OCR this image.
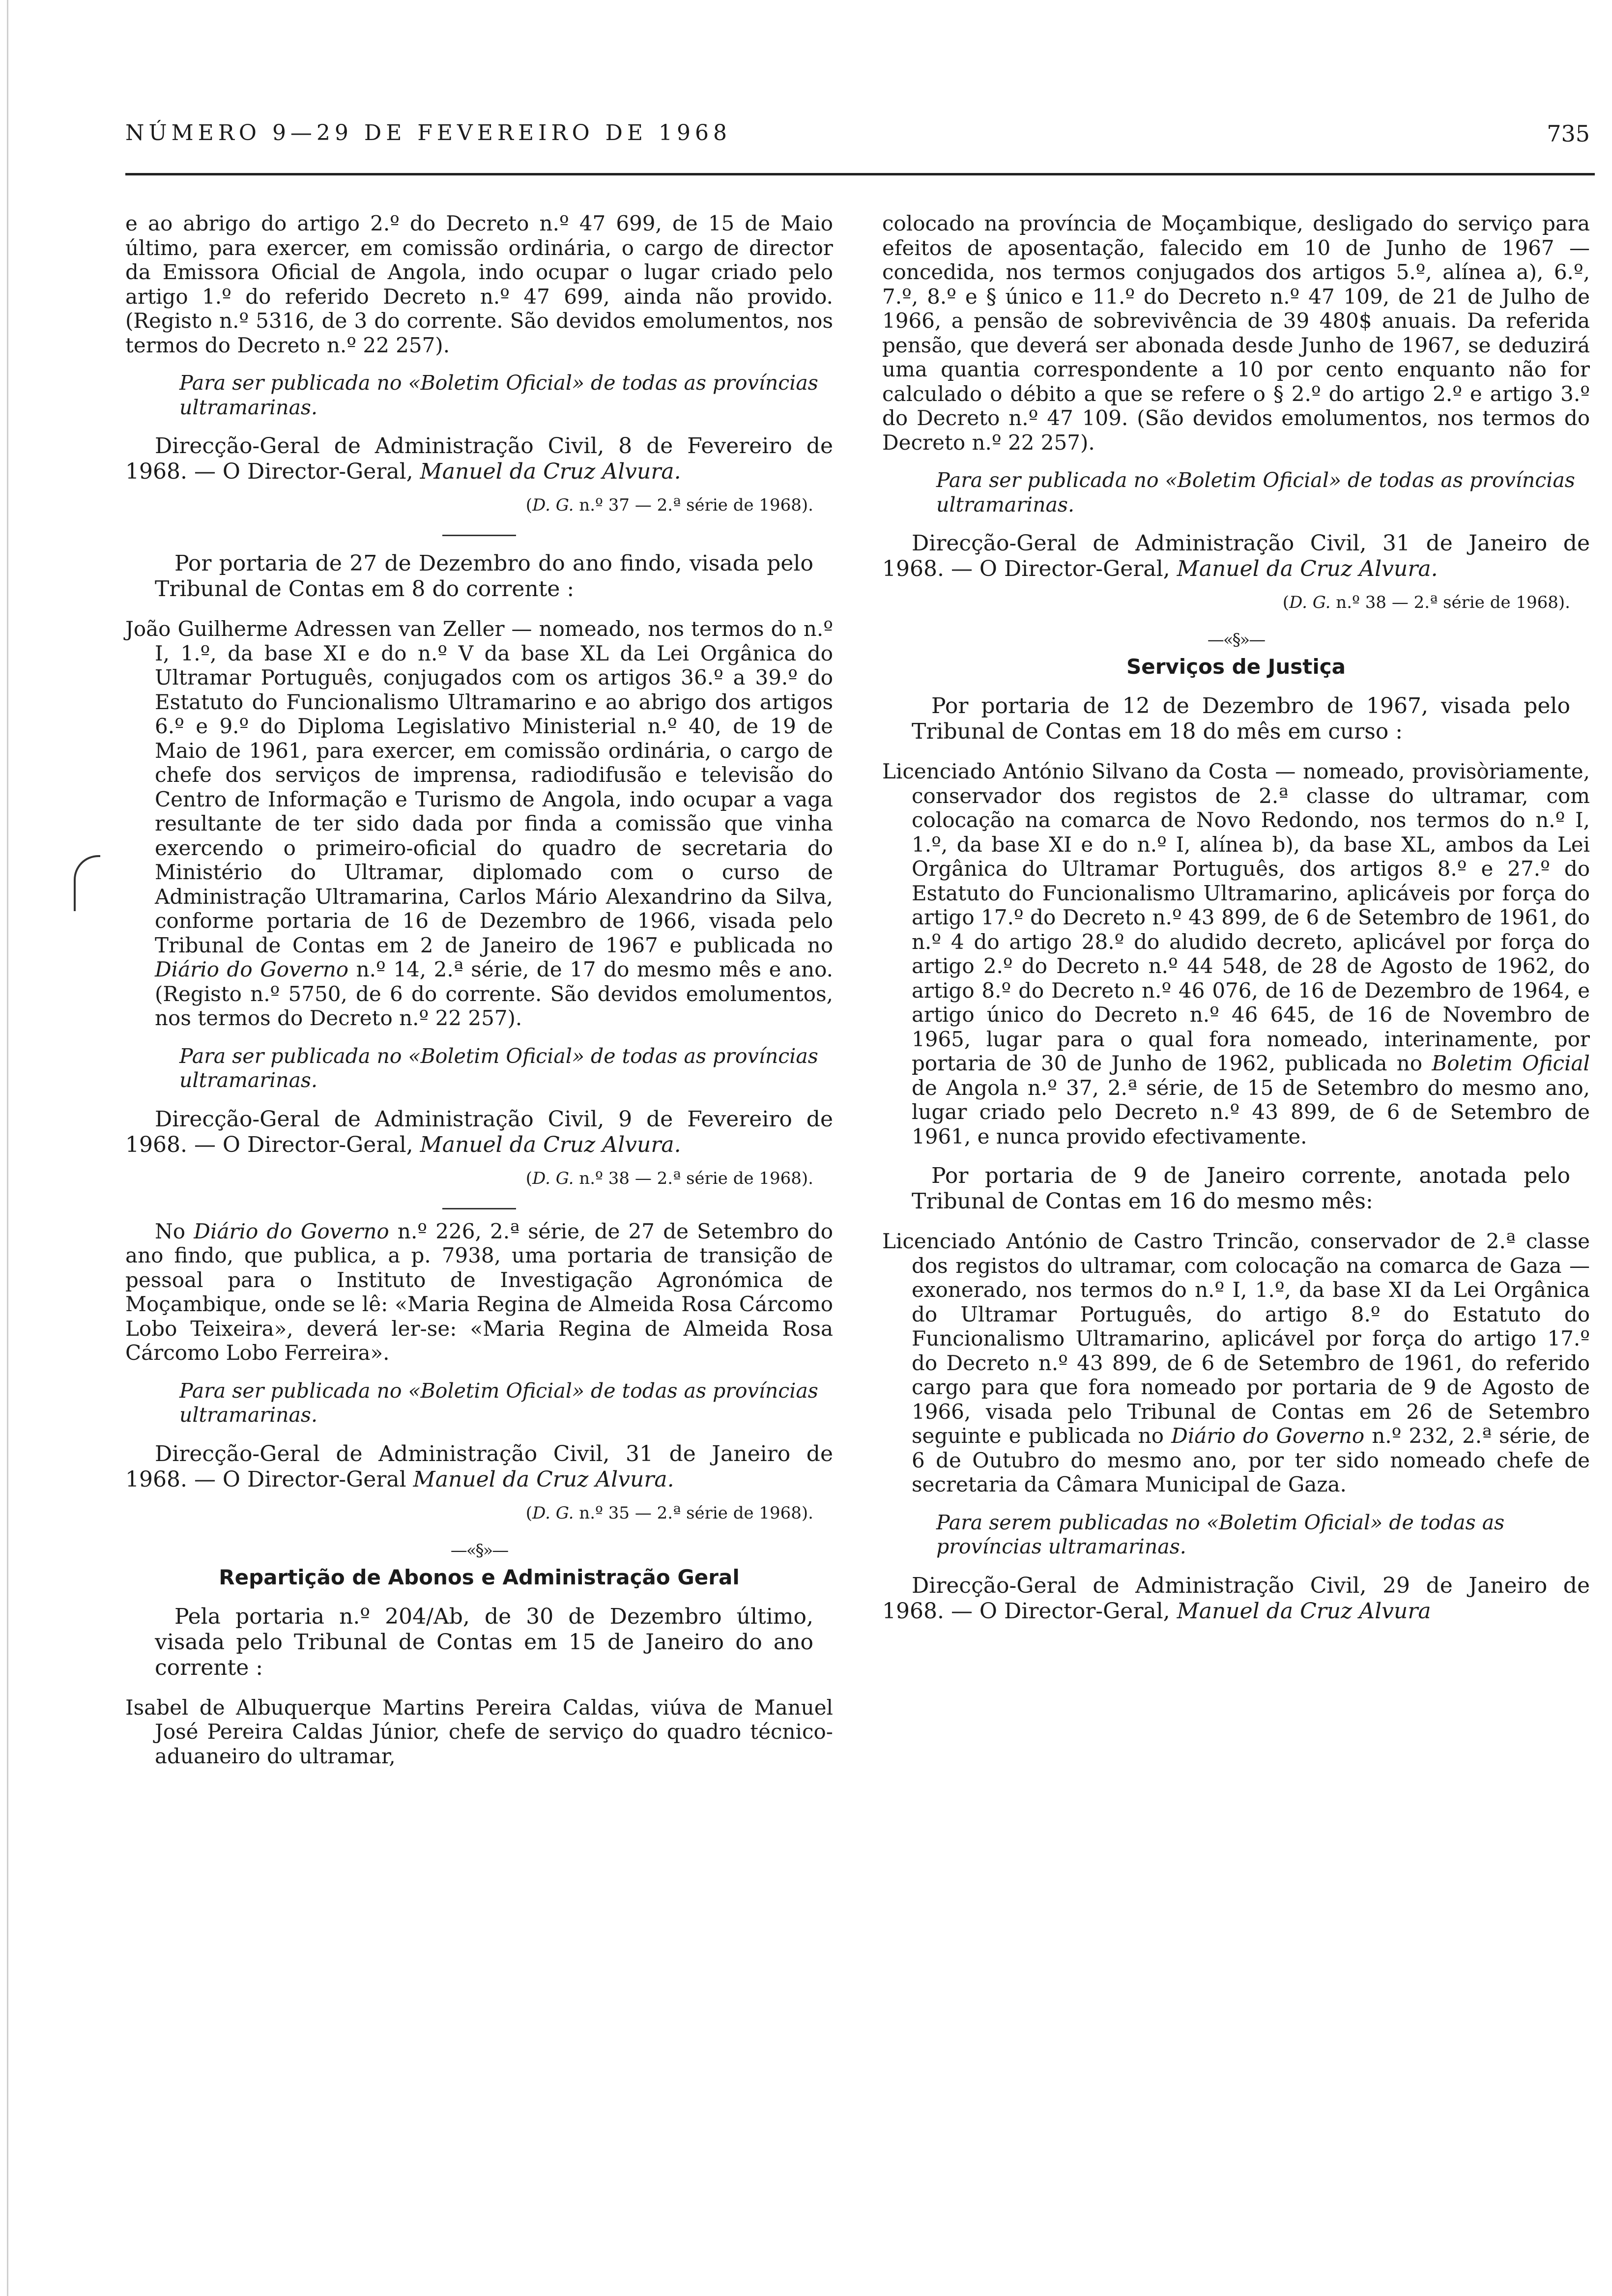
NÚMERO 9—29 DE FEVEREIRO DE 1968	735

e ao abrigo do artigo 2.º do Decreto n.º 47 699, de 15 de Maio último, para exercer, em comissão ordinária, o cargo de director da Emissora Oficial de Angola, indo ocupar o lugar criado pelo artigo 1.º do referido Decreto n.º 47 699, ainda não provido. (Registo n.º 5316, de 3 do corrente. São devidos emolumentos, nos termos do Decreto n.º 22 257).

Para ser publicada no «Boletim Oficial» de todas as províncias ultramarinas.

Direcção-Geral de Administração Civil, 8 de Fevereiro de 1968. — O Director-Geral, Manuel da Cruz Alvura.

(D. G. n.º 37 — 2.ª série de 1968).

Por portaria de 27 de Dezembro do ano findo, visada pelo Tribunal de Contas em 8 do corrente :

João Guilherme Adressen van Zeller — nomeado, nos termos do n.º I, 1.º, da base XI e do n.º V da base XL da Lei Orgânica do Ultramar Português, conjugados com os artigos 36.º a 39.º do Estatuto do Funcionalismo Ultramarino e ao abrigo dos artigos 6.º e 9.º do Diploma Legislativo Ministerial n.º 40, de 19 de Maio de 1961, para exercer, em comissão ordinária, o cargo de chefe dos serviços de imprensa, radiodifusão e televisão do Centro de Informação e Turismo de Angola, indo ocupar a vaga resultante de ter sido dada por finda a comissão que vinha exercendo o primeiro-oficial do quadro de secretaria do Ministério do Ultramar, diplomado com o curso de Administração Ultramarina, Carlos Mário Alexandrino da Silva, conforme portaria de 16 de Dezembro de 1966, visada pelo Tribunal de Contas em 2 de Janeiro de 1967 e publicada no Diário do Governo n.º 14, 2.ª série, de 17 do mesmo mês e ano. (Registo n.º 5750, de 6 do corrente. São devidos emolumentos, nos termos do Decreto n.º 22 257).

Para ser publicada no «Boletim Oficial» de todas as províncias ultramarinas.

Direcção-Geral de Administração Civil, 9 de Fevereiro de 1968. — O Director-Geral, Manuel da Cruz Alvura.

(D. G. n.º 38 — 2.ª série de 1968).

No Diário do Governo n.º 226, 2.ª série, de 27 de Setembro do ano findo, que publica, a p. 7938, uma portaria de transição de pessoal para o Instituto de Investigação Agronómica de Moçambique, onde se lê: «Maria Regina de Almeida Rosa Cárcomo Lobo Teixeira», deverá ler-se: «Maria Regina de Almeida Rosa Cárcomo Lobo Ferreira».

Para ser publicada no «Boletim Oficial» de todas as províncias ultramarinas.

Direcção-Geral de Administração Civil, 31 de Janeiro de 1968. — O Director-Geral Manuel da Cruz Alvura.

(D. G. n.º 35 — 2.ª série de 1968).

—«§»—

Repartição de Abonos e Administração Geral

Pela portaria n.º 204/Ab, de 30 de Dezembro último, visada pelo Tribunal de Contas em 15 de Janeiro do ano corrente :

Isabel de Albuquerque Martins Pereira Caldas, viúva de Manuel José Pereira Caldas Júnior, chefe de serviço do quadro técnico-aduaneiro do ultramar,

colocado na província de Moçambique, desligado do serviço para efeitos de aposentação, falecido em 10 de Junho de 1967 — concedida, nos termos conjugados dos artigos 5.º, alínea a), 6.º, 7.º, 8.º e § único e 11.º do Decreto n.º 47 109, de 21 de Julho de 1966, a pensão de sobrevivência de 39 480$ anuais. Da referida pensão, que deverá ser abonada desde Junho de 1967, se deduzirá uma quantia correspondente a 10 por cento enquanto não for calculado o débito a que se refere o § 2.º do artigo 2.º e artigo 3.º do Decreto n.º 47 109. (São devidos emolumentos, nos termos do Decreto n.º 22 257).

Para ser publicada no «Boletim Oficial» de todas as províncias ultramarinas.

Direcção-Geral de Administração Civil, 31 de Janeiro de 1968. — O Director-Geral, Manuel da Cruz Alvura.

(D. G. n.º 38 — 2.ª série de 1968).

—«§»—

Serviços de Justiça

Por portaria de 12 de Dezembro de 1967, visada pelo Tribunal de Contas em 18 do mês em curso :

Licenciado António Silvano da Costa — nomeado, provisòriamente, conservador dos registos de 2.ª classe do ultramar, com colocação na comarca de Novo Redondo, nos termos do n.º I, 1.º, da base XI e do n.º I, alínea b), da base XL, ambos da Lei Orgânica do Ultramar Português, dos artigos 8.º e 27.º do Estatuto do Funcionalismo Ultramarino, aplicáveis por força do artigo 17.º do Decreto n.º 43 899, de 6 de Setembro de 1961, do n.º 4 do artigo 28.º do aludido decreto, aplicável por força do artigo 2.º do Decreto n.º 44 548, de 28 de Agosto de 1962, do artigo 8.º do Decreto n.º 46 076, de 16 de Dezembro de 1964, e artigo único do Decreto n.º 46 645, de 16 de Novembro de 1965, lugar para o qual fora nomeado, interinamente, por portaria de 30 de Junho de 1962, publicada no Boletim Oficial de Angola n.º 37, 2.ª série, de 15 de Setembro do mesmo ano, lugar criado pelo Decreto n.º 43 899, de 6 de Setembro de 1961, e nunca provido efectivamente.

Por portaria de 9 de Janeiro corrente, anotada pelo Tribunal de Contas em 16 do mesmo mês:

Licenciado António de Castro Trincão, conservador de 2.ª classe dos registos do ultramar, com colocação na comarca de Gaza — exonerado, nos termos do n.º I, 1.º, da base XI da Lei Orgânica do Ultramar Português, do artigo 8.º do Estatuto do Funcionalismo Ultramarino, aplicável por força do artigo 17.º do Decreto n.º 43 899, de 6 de Setembro de 1961, do referido cargo para que fora nomeado por portaria de 9 de Agosto de 1966, visada pelo Tribunal de Contas em 26 de Setembro seguinte e publicada no Diário do Governo n.º 232, 2.ª série, de 6 de Outubro do mesmo ano, por ter sido nomeado chefe de secretaria da Câmara Municipal de Gaza.

Para serem publicadas no «Boletim Oficial» de todas as províncias ultramarinas.

Direcção-Geral de Administração Civil, 29 de Janeiro de 1968. — O Director-Geral, Manuel da Cruz Alvura
